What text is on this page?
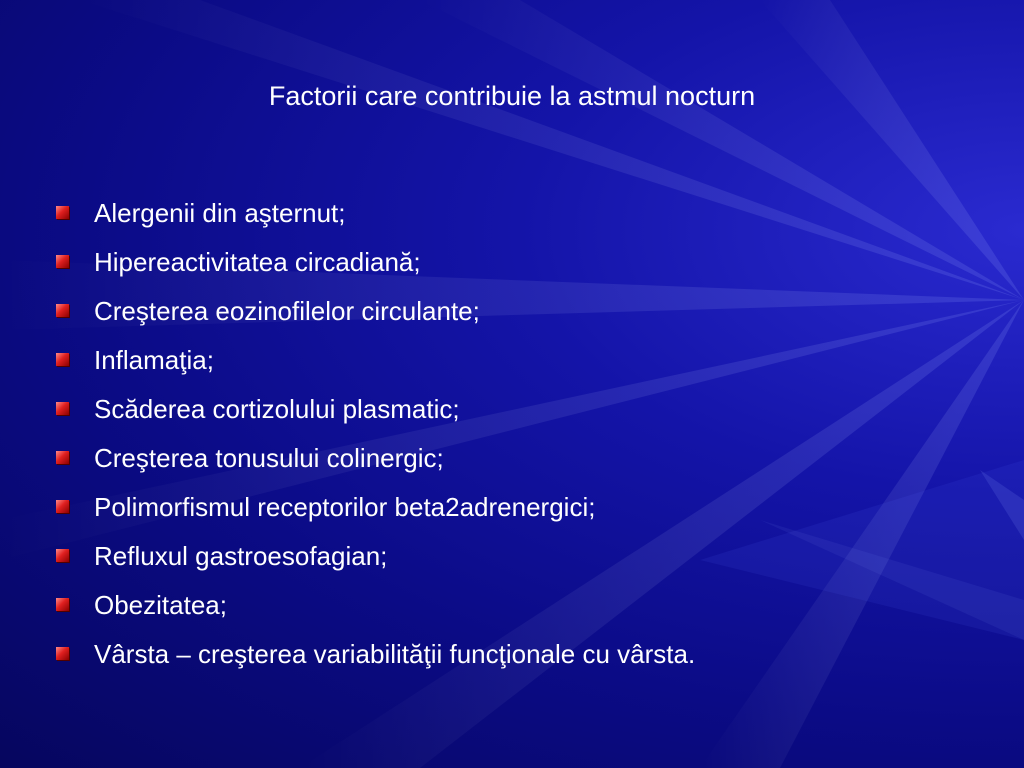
Factorii care contribuie la astmul nocturn
Alergenii din aşternut;
Hipereactivitatea circadiană;
Creşterea eozinofilelor circulante;
Inflamaţia;
Scăderea cortizolului plasmatic;
Creşterea tonusului colinergic;
Polimorfismul receptorilor beta2adrenergici;
Refluxul gastroesofagian;
Obezitatea;
Vârsta – creşterea variabilităţii funcţionale cu vârsta.
